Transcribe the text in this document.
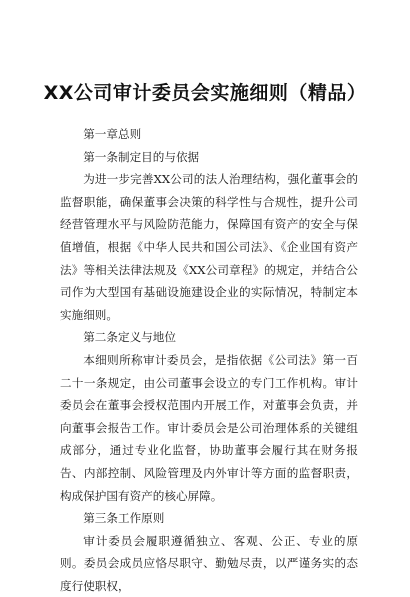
XX公司审计委员会实施细则（精品）

第一章总则

第一条制定目的与依据

为进一步完善XX公司的法人治理结构，强化董事会的监督职能，确保董事会决策的科学性与合规性，提升公司经营管理水平与风险防范能力，保障国有资产的安全与保值增值，根据《中华人民共和国公司法》、《企业国有资产法》等相关法律法规及《XX公司章程》的规定，并结合公司作为大型国有基础设施建设企业的实际情况，特制定本实施细则。

第二条定义与地位

本细则所称审计委员会，是指依据《公司法》第一百二十一条规定，由公司董事会设立的专门工作机构。审计委员会在董事会授权范围内开展工作，对董事会负责，并向董事会报告工作。审计委员会是公司治理体系的关键组成部分，通过专业化监督，协助董事会履行其在财务报告、内部控制、风险管理及内外审计等方面的监督职责，构成保护国有资产的核心屏障。

第三条工作原则

审计委员会履职遵循独立、客观、公正、专业的原则。委员会成员应恪尽职守、勤勉尽责，以严谨务实的态度行使职权，
